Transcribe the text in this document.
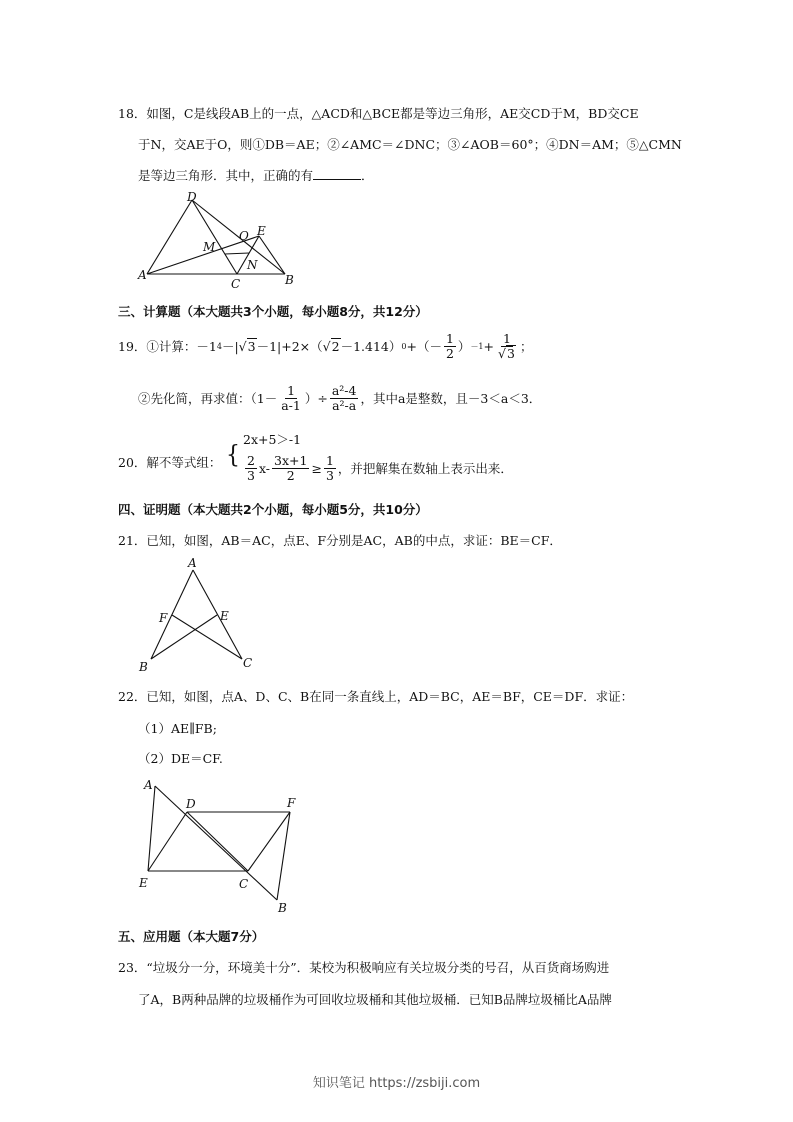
18．如图，C是线段AB上的一点，△ACD和△BCE都是等边三角形，AE交CD于M，BD交CE
于N，交AE于O，则①DB＝AE；②∠AMC＝∠DNC；③∠AOB＝60°；④DN＝AM；⑤△CMN
是等边三角形．其中，正确的有	．
D
M
O E
N
A
C	B
三、计算题（本大题共3个小题，每小题8分，共12分）
19．①计算： －1 4 －| √3 －1|+2×（ √2 －1.414） 0 +（－ $\frac{1}{2}$ ） $-1 + \frac{1}{√3}$ ；
②先化简，再求值：（$1- \frac{1}{a-1}$ ）÷ $\frac{\text{a²-4}}{\text{a²-a}}$ ，其中a是整数，且－3＜a＜3．
20．解不等式组： {
2x+5＞-1
$\frac{2}{3} x- \frac{3x+1}{2} \ge \frac{1}{3}$ ，并把解集在数轴上表示出来．
四、证明题（本大题共2个小题，每小题5分，共10分）
21．已知，如图，AB＝AC，点E、F分别是AC，AB的中点，求证：BE＝CF．
A
F	E
B	C
22．已知，如图，点A、D、C、B在同一条直线上，AD＝BC，AE＝BF，CE＝DF．求证：
（1）AE∥FB;
（2）DE＝CF.
A
D	F
E	C
B
五、应用题（本大题7分）
23．“垃圾分一分，环境美十分”．某校为积极响应有关垃圾分类的号召，从百货商场购进
了A，B两种品牌的垃圾桶作为可回收垃圾桶和其他垃圾桶．已知B品牌垃圾桶比A品牌
知识笔记 https://zsbiji.com
